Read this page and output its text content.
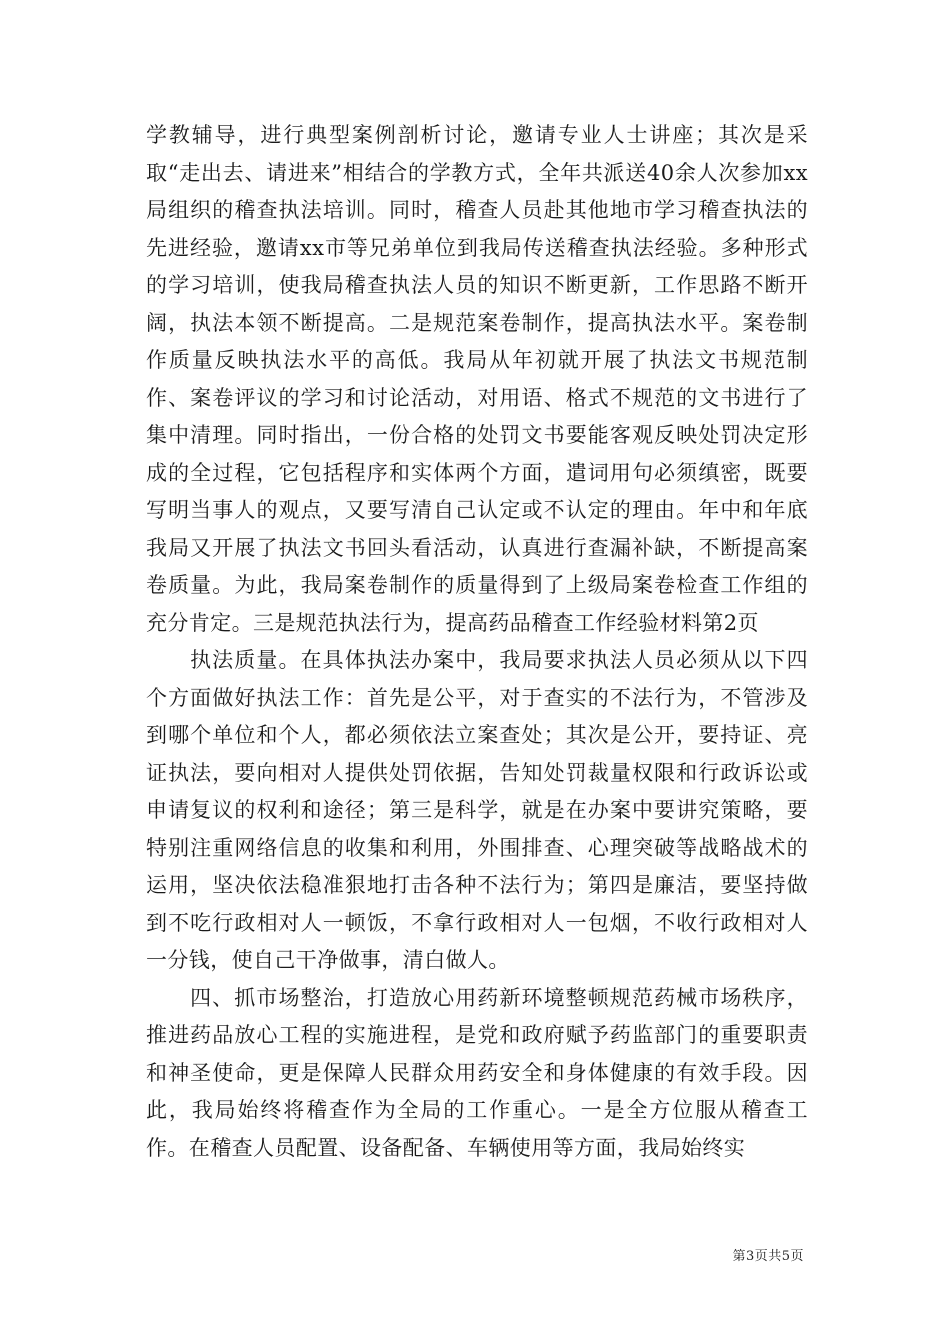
学教辅导，进行典型案例剖析讨论，邀请专业人士讲座；其次是采取“走出去、请进来”相结合的学教方式，全年共派送40余人次参加xx局组织的稽查执法培训。同时，稽查人员赴其他地市学习稽查执法的先进经验，邀请xx市等兄弟单位到我局传送稽查执法经验。多种形式的学习培训，使我局稽查执法人员的知识不断更新，工作思路不断开阔，执法本领不断提高。二是规范案卷制作，提高执法水平。案卷制作质量反映执法水平的高低。我局从年初就开展了执法文书规范制作、案卷评议的学习和讨论活动，对用语、格式不规范的文书进行了集中清理。同时指出，一份合格的处罚文书要能客观反映处罚决定形成的全过程，它包括程序和实体两个方面，遣词用句必须缜密，既要写明当事人的观点，又要写清自己认定或不认定的理由。年中和年底我局又开展了执法文书回头看活动，认真进行查漏补缺，不断提高案卷质量。为此，我局案卷制作的质量得到了上级局案卷检查工作组的充分肯定。三是规范执法行为，提高药品稽查工作经验材料第2页

执法质量。在具体执法办案中，我局要求执法人员必须从以下四个方面做好执法工作：首先是公平，对于查实的不法行为，不管涉及到哪个单位和个人，都必须依法立案查处；其次是公开，要持证、亮证执法，要向相对人提供处罚依据，告知处罚裁量权限和行政诉讼或申请复议的权利和途径；第三是科学，就是在办案中要讲究策略，要特别注重网络信息的收集和利用，外围排查、心理突破等战略战术的运用，坚决依法稳准狠地打击各种不法行为；第四是廉洁，要坚持做到不吃行政相对人一顿饭，不拿行政相对人一包烟，不收行政相对人一分钱，使自己干净做事，清白做人。

四、抓市场整治，打造放心用药新环境整顿规范药械市场秩序，推进药品放心工程的实施进程，是党和政府赋予药监部门的重要职责和神圣使命，更是保障人民群众用药安全和身体健康的有效手段。因此，我局始终将稽查作为全局的工作重心。一是全方位服从稽查工作。在稽查人员配置、设备配备、车辆使用等方面，我局始终实

第3页共5页
